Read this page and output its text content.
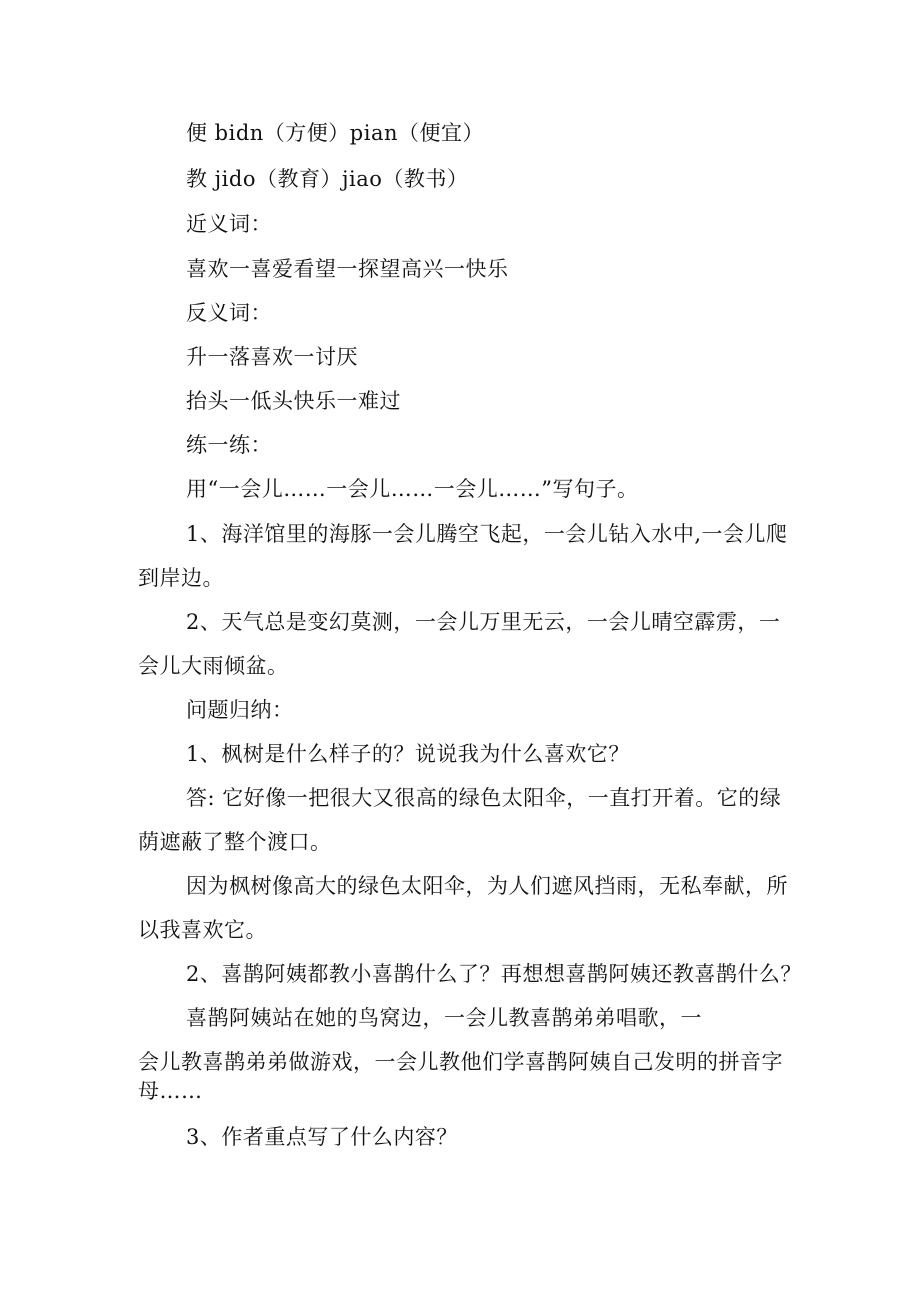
便 bidn（方便）pian（便宜）

教 jido（教育）jiao（教书）

近义词：

喜欢一喜爱看望一探望高兴一快乐

反义词：

升一落喜欢一讨厌

抬头一低头快乐一难过

练一练：

用“一会儿……一会儿……一会儿……”写句子。

1、海洋馆里的海豚一会儿腾空飞起，一会儿钻入水中,一会儿爬

到岸边。

2、天气总是变幻莫测，一会儿万里无云，一会儿晴空霹雳，一

会儿大雨倾盆。

问题归纳：

1、枫树是什么样子的？说说我为什么喜欢它？

答: 它好像一把很大又很高的绿色太阳伞，一直打开着。它的绿

荫遮蔽了整个渡口。

因为枫树像高大的绿色太阳伞，为人们遮风挡雨，无私奉献，所

以我喜欢它。

2、喜鹊阿姨都教小喜鹊什么了？再想想喜鹊阿姨还教喜鹊什么？

喜鹊阿姨站在她的鸟窝边，一会儿教喜鹊弟弟唱歌，一

会儿教喜鹊弟弟做游戏，一会儿教他们学喜鹊阿姨自己发明的拼音字

母……

3、作者重点写了什么内容？
